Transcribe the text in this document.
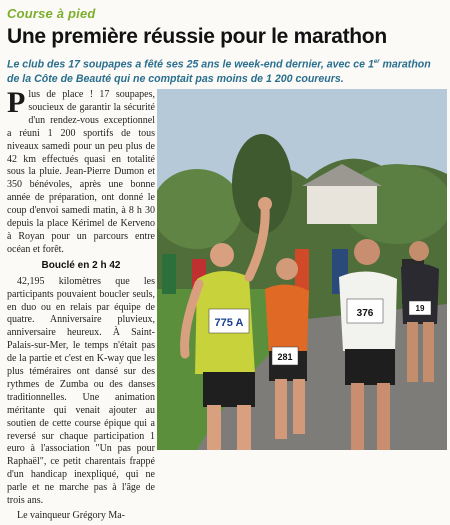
Course à pied
Une première réussie pour le marathon

Le club des 17 soupapes a fêté ses 25 ans le week-end dernier, avec ce 1er marathon de la Côte de Beauté qui ne comptait pas moins de 1 200 coureurs.

Plus de place ! 17 soupapes, soucieux de garantir la sécurité d'un rendez-vous exceptionnel a réuni 1 200 sportifs de tous niveaux samedi pour un peu plus de 42 km effectués quasi en totalité sous la pluie. Jean-Pierre Dumon et 350 bénévoles, après une bonne année de préparation, ont donné le coup d'envoi samedi matin, à 8 h 30 depuis la place Kérimel de Kerveno à Royan pour un parcours entre océan et forêt.

Bouclé en 2 h 42

42,195 kilomètres que les participants pouvaient boucler seuls, en duo ou en relais par équipe de quatre. Anniversaire pluvieux, anniversaire heureux. À Saint-Palais-sur-Mer, le temps n'était pas de la partie et c'est en K-way que les plus téméraires ont dansé sur des rythmes de Zumba ou des danses traditionnelles. Une animation méritante qui venait ajouter au soutien de cette course épique qui a reversé sur chaque participation 1 euro à l'association "Un pas pour Raphaël", ce petit charentais frappé d'un handicap inexpliqué, qui ne parle et ne marche pas à l'âge de trois ans.

Le vainqueur Grégory Ma-

775 A
281
376	19
